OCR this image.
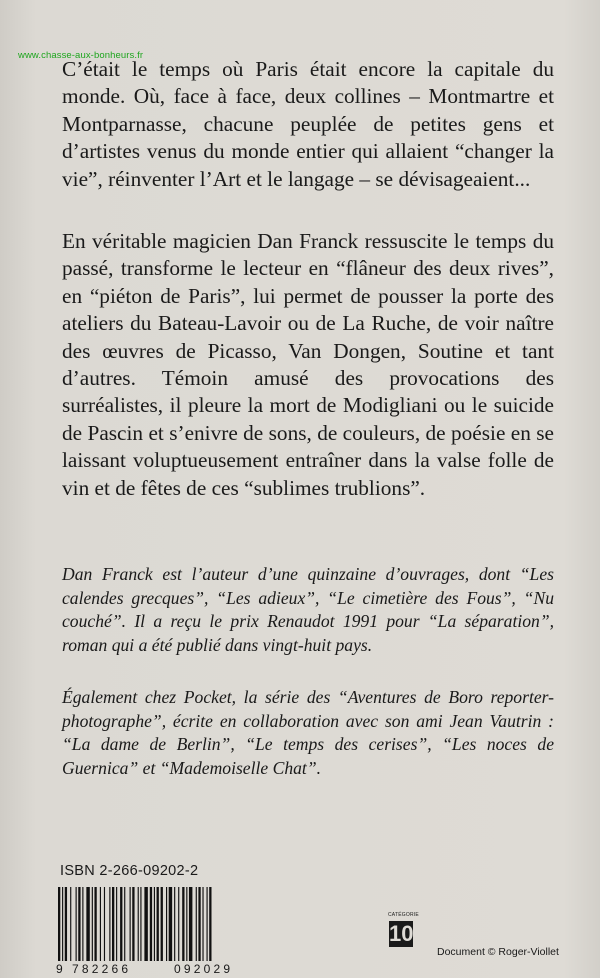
www.chasse-aux-bonheurs.fr

C’était le temps où Paris était encore la capitale du monde. Où, face à face, deux collines – Montmartre et Montparnasse, chacune peuplée de petites gens et d’artistes venus du monde entier qui allaient “changer la vie”, réinventer l’Art et le langage – se dévisageaient...

En véritable magicien Dan Franck ressuscite le temps du passé, transforme le lecteur en “flâneur des deux rives”, en “piéton de Paris”, lui permet de pousser la porte des ateliers du Bateau-Lavoir ou de La Ruche, de voir naître des œuvres de Picasso, Van Dongen, Soutine et tant d’autres. Témoin amusé des provocations des surréalistes, il pleure la mort de Modigliani ou le suicide de Pascin et s’enivre de sons, de couleurs, de poésie en se laissant voluptueusement entraîner dans la valse folle de vin et de fêtes de ces “sublimes trublions”.

Dan Franck est l’auteur d’une quinzaine d’ouvrages, dont “Les calendes grecques”, “Les adieux”, “Le cimetière des Fous”, “Nu couché”. Il a reçu le prix Renaudot 1991 pour “La séparation”, roman qui a été publié dans vingt-huit pays.

Également chez Pocket, la série des “Aventures de Boro reporter-photographe”, écrite en collaboration avec son ami Jean Vautrin : “La dame de Berlin”, “Le temps des cerises”, “Les noces de Guernica” et “Mademoiselle Chat”.

ISBN 2-266-09202-2
9 782266	092029
CATÉGORIE
10
Document © Roger-Viollet
